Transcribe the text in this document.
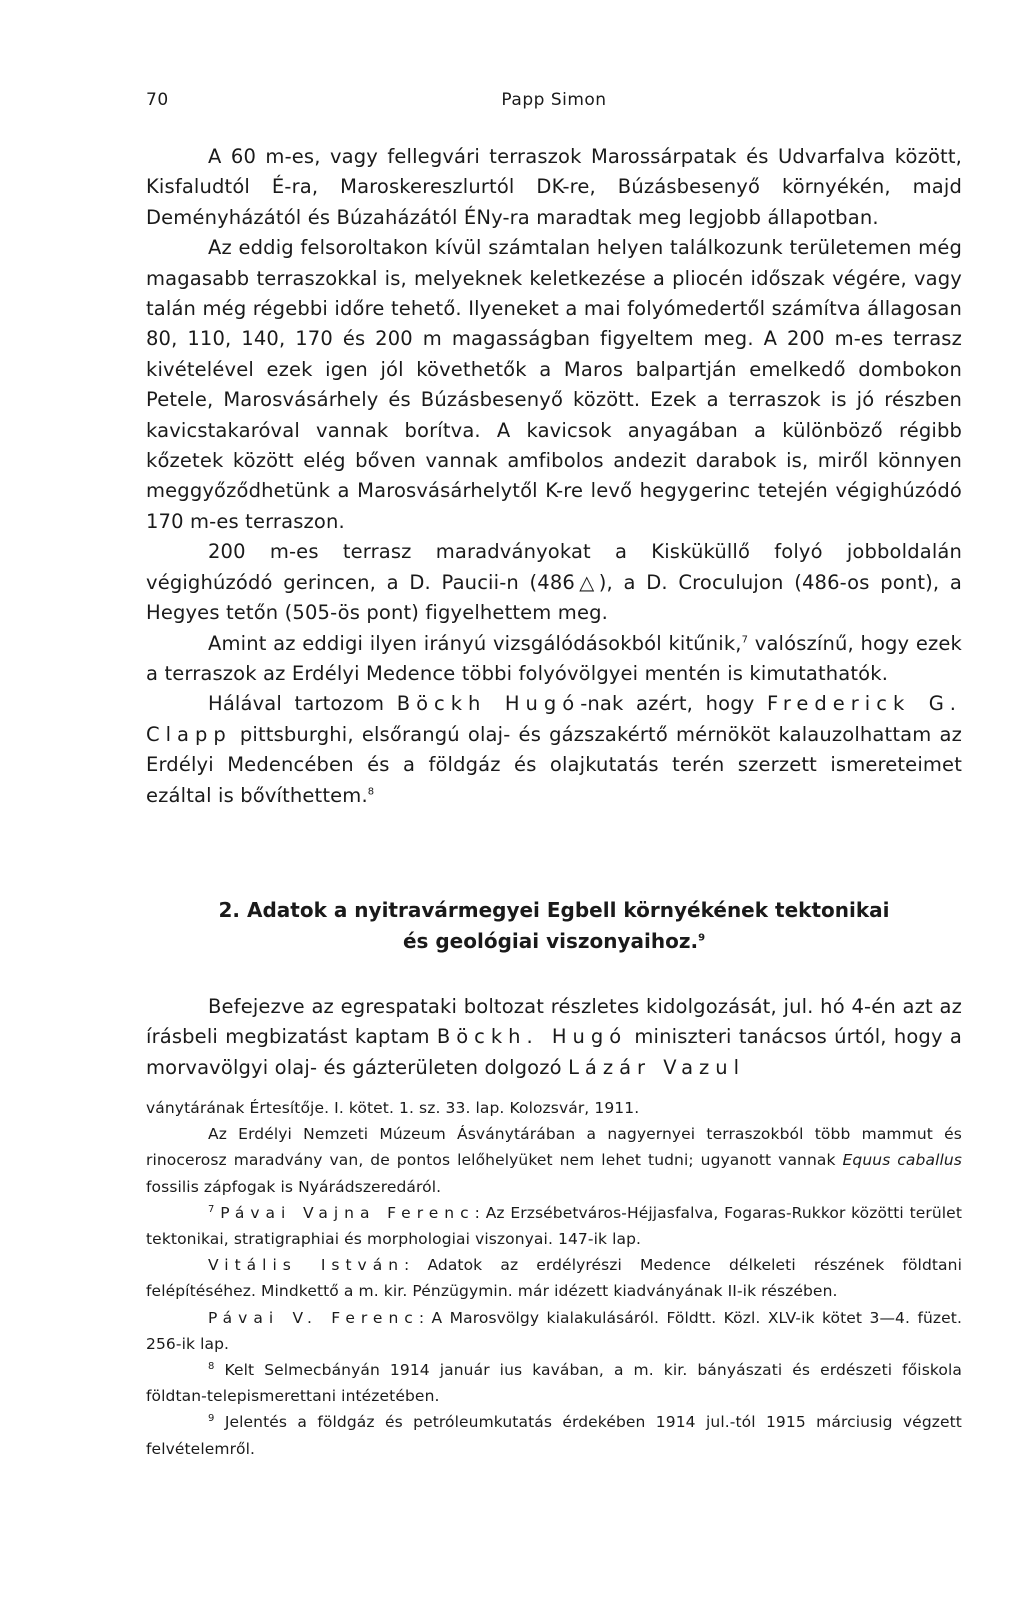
70	Papp Simon

A 60 m-es, vagy fellegvári terraszok Marossárpatak és Udvarfalva között, Kisfaludtól É-ra, Maroskereszlurtól DK-re, Búzásbesenyő környékén, majd Deményházától és Búzaházától ÉNy-ra maradtak meg legjobb állapotban.

Az eddig felsoroltakon kívül számtalan helyen találkozunk területemen még magasabb terraszokkal is, melyeknek keletkezése a pliocén időszak végére, vagy talán még régebbi időre tehető. Ilyeneket a mai folyómedertől számítva állagosan 80, 110, 140, 170 és 200 m magasságban figyeltem meg. A 200 m-es terrasz kivételével ezek igen jól követhetők a Maros balpartján emelkedő dombokon Petele, Marosvásárhely és Búzásbesenyő között. Ezek a terraszok is jó részben kavicstakaróval vannak borítva. A kavicsok anyagában a különböző régibb kőzetek között elég bőven vannak amfibolos andezit darabok is, miről könnyen meggyőződhetünk a Marosvásárhelytől K-re levő hegygerinc tetején végighúzódó 170 m-es terraszon.

200 m-es terrasz maradványokat a Kisküküllő folyó jobboldalán végighúzódó gerincen, a D. Paucii-n (486△), a D. Croculujon (486-os pont), a Hegyes tetőn (505-ös pont) figyelhettem meg.

Amint az eddigi ilyen irányú vizsgálódásokból kitűnik,$^7$ valószínű, hogy ezek a terraszok az Erdélyi Medence többi folyóvölgyei mentén is kimutathatók.

Hálával tartozom Böckh Hugó-nak azért, hogy Frederick G. Clapp pittsburghi, elsőrangú olaj- és gázszakértő mérnököt kalauzolhattam az Erdélyi Medencében és a földgáz és olajkutatás terén szerzett ismereteimet ezáltal is bővíthettem.$^8$

2. Adatok a nyitravármegyei Egbell környékének tektonikai
és geológiai viszonyaihoz.$^9$

Befejezve az egrespataki boltozat részletes kidolgozását, jul. hó 4-én azt az írásbeli megbizatást kaptam Böckh. Hugó miniszteri tanácsos úrtól, hogy a morvavölgyi olaj- és gázterületen dolgozó Lázár Vazul

ványtárának Értesítője. I. kötet. 1. sz. 33. lap. Kolozsvár, 1911.

Az Erdélyi Nemzeti Múzeum Ásványtárában a nagyernyei terraszokból több mammut és rinocerosz maradvány van, de pontos lelőhelyüket nem lehet tudni; ugyanott vannak Equus caballus fossilis zápfogak is Nyárádszeredáról.

$^7$ Pávai Vajna Ferenc: Az Erzsébetváros-Héjjasfalva, Fogaras-Rukkor közötti terület tektonikai, stratigraphiai és morphologiai viszonyai. 147-ik lap.

Vitális István: Adatok az erdélyrészi Medence délkeleti részének földtani felépítéséhez. Mindkettő a m. kir. Pénzügymin. már idézett kiadványának II-ik részében.

Pávai V. Ferenc: A Marosvölgy kialakulásáról. Földtt. Közl. XLV-ik kötet 3—4. füzet. 256-ik lap.

$^8$ Kelt Selmecbányán 1914 január ius kavában, a m. kir. bányászati és erdészeti főiskola földtan-telepismerettani intézetében.

$^9$ Jelentés a földgáz és petróleumkutatás érdekében 1914 jul.-tól 1915 márciusig végzett felvételemről.
